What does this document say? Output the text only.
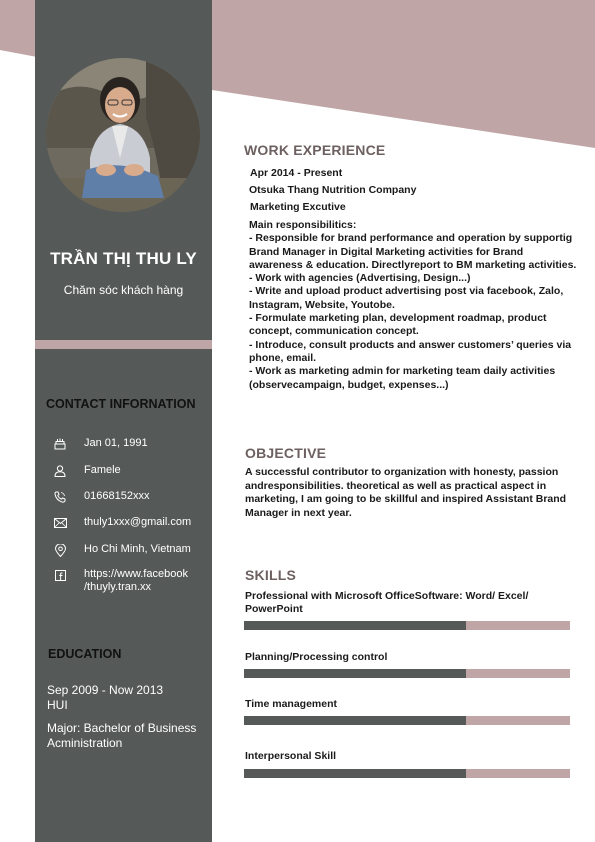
TRẦN THỊ THU LY
Chăm sóc khách hàng
CONTACT INFORNATION
Jan 01, 1991
Famele
01668152xxx
thuly1xxx@gmail.com
Ho Chi Minh, Vietnam
https://www.facebook /thuyly.tran.xx
EDUCATION
Sep 2009 - Now 2013
HUI
Major: Bachelor of Business Acministration
WORK EXPERIENCE
Apr 2014 - Present
Otsuka Thang Nutrition Company
Marketing Excutive
Main responsibilitics:
- Responsible for brand performance and operation by supportig Brand Manager in Digital Marketing activities for Brand awareness & education. Directlyreport to BM marketing activities.
- Work with agencies (Advertising, Design...)
- Write and upload product advertising post via facebook, Zalo, Instagram, Website, Youtobe.
- Formulate marketing plan, development roadmap, product concept, communication concept.
- Introduce, consult products and answer customers’ queries via phone, email.
- Work as marketing admin for marketing team daily activities (observecampaign, budget, expenses...)
OBJECTIVE
A successful contributor to organization with honesty, passion andresponsibilities. theoretical as well as practical aspect in marketing, I am going to be skillful and inspired Assistant Brand Manager in next year.
SKILLS
Professional with Microsoft OfficeSoftware: Word/ Excel/ PowerPoint
Planning/Processing control
Time management
Interpersonal Skill
